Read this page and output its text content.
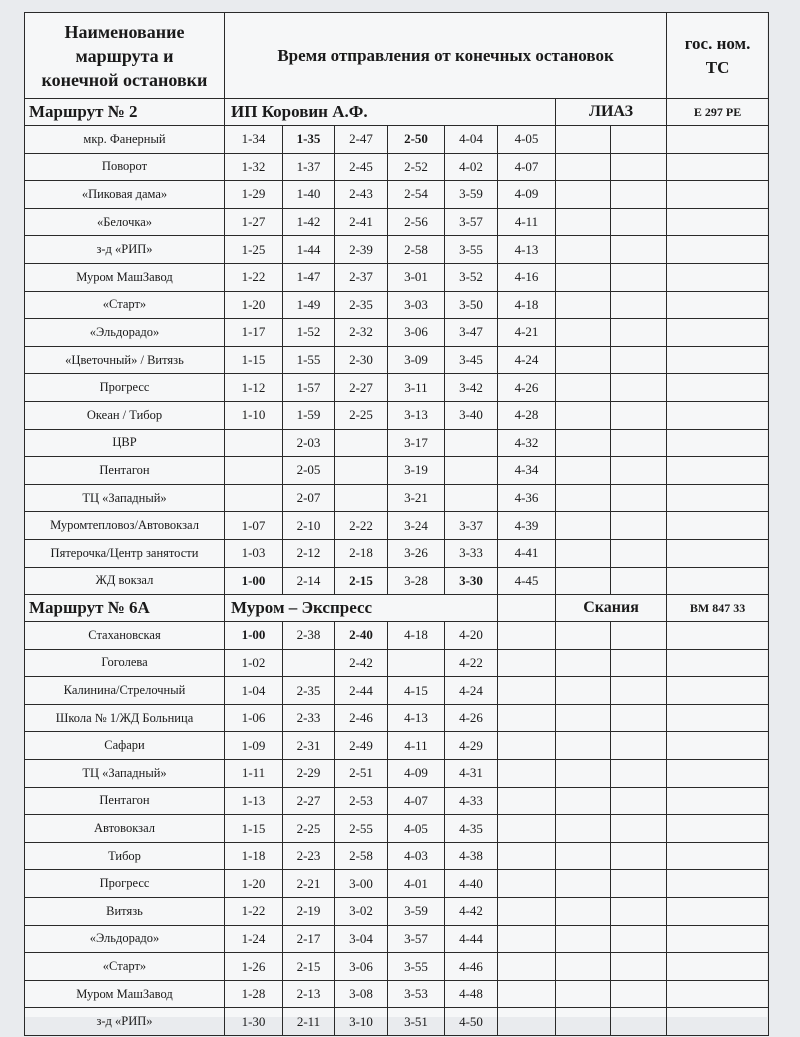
Наименование
маршрута и
конечной остановки	Время отправления от конечных остановок								гос. ном.
ТС
Маршрут № 2	ИП Коровин А.Ф.						ЛИАЗ		Е 297 РЕ
мкр. Фанерный	1-34	1-35	2-47	2-50	4-04	4-05			
Поворот	1-32	1-37	2-45	2-52	4-02	4-07			
«Пиковая дама»	1-29	1-40	2-43	2-54	3-59	4-09			
«Белочка»	1-27	1-42	2-41	2-56	3-57	4-11			
з-д «РИП»	1-25	1-44	2-39	2-58	3-55	4-13			
Муром МашЗавод	1-22	1-47	2-37	3-01	3-52	4-16			
«Старт»	1-20	1-49	2-35	3-03	3-50	4-18			
«Эльдорадо»	1-17	1-52	2-32	3-06	3-47	4-21			
«Цветочный» / Витязь	1-15	1-55	2-30	3-09	3-45	4-24			
Прогресс	1-12	1-57	2-27	3-11	3-42	4-26			
Океан / Тибор	1-10	1-59	2-25	3-13	3-40	4-28			
ЦВР		2-03		3-17		4-32			
Пентагон		2-05		3-19		4-34			
ТЦ «Западный»		2-07		3-21		4-36			
Муромтепловоз/Автовокзал	1-07	2-10	2-22	3-24	3-37	4-39			
Пятерочка/Центр занятости	1-03	2-12	2-18	3-26	3-33	4-41			
ЖД вокзал	1-00	2-14	2-15	3-28	3-30	4-45			
Маршрут № 6А	Муром – Экспресс						Скания		ВМ 847 33
Стахановская	1-00	2-38	2-40	4-18	4-20				
Гоголева	1-02		2-42		4-22				
Калинина/Стрелочный	1-04	2-35	2-44	4-15	4-24				
Школа № 1/ЖД Больница	1-06	2-33	2-46	4-13	4-26				
Сафари	1-09	2-31	2-49	4-11	4-29				
ТЦ «Западный»	1-11	2-29	2-51	4-09	4-31				
Пентагон	1-13	2-27	2-53	4-07	4-33				
Автовокзал	1-15	2-25	2-55	4-05	4-35				
Тибор	1-18	2-23	2-58	4-03	4-38				
Прогресс	1-20	2-21	3-00	4-01	4-40				
Витязь	1-22	2-19	3-02	3-59	4-42				
«Эльдорадо»	1-24	2-17	3-04	3-57	4-44				
«Старт»	1-26	2-15	3-06	3-55	4-46				
Муром МашЗавод	1-28	2-13	3-08	3-53	4-48				
з-д «РИП»	1-30	2-11	3-10	3-51	4-50				
